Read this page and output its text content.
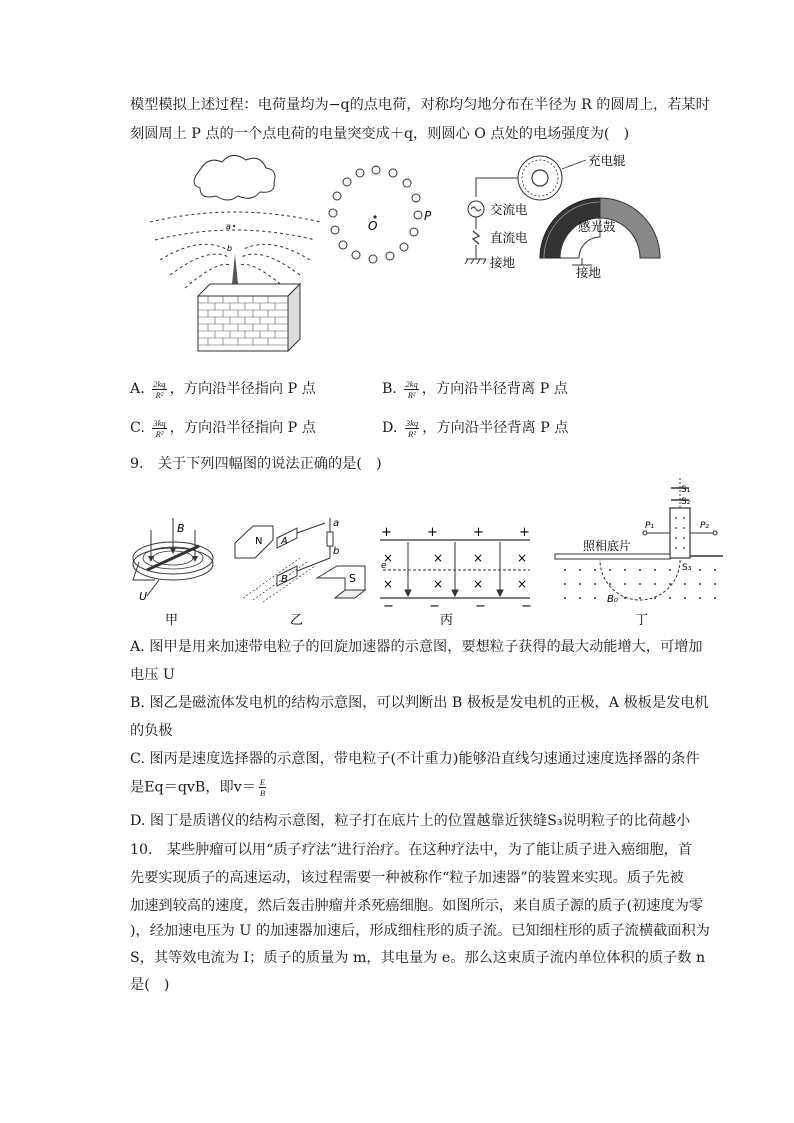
模型模拟上述过程：电荷量均为−q的点电荷，对称均匀地分布在半径为 R 的圆周上，若某时
刻圆周上 P 点的一个点电荷的电量突变成＋q，则圆心 O 点处的电场强度为(　)
a
b
O
P
充电辊
感光鼓
交流电
直流电
接地
接地
A. $\frac{2kq}{\text{R²}}$ ，方向沿半径指向 P 点	B. $\frac{2kq}{\text{R²}}$ ，方向沿半径背离 P 点
C. $\frac{3kq}{\text{R²}}$ ，方向沿半径指向 P 点	D. $\frac{3kq}{\text{R²}}$ ，方向沿半径背离 P 点
9.　关于下列四幅图的说法正确的是(　)
B
U
甲
N A
B
a
b
S
乙
+	+	+	+
×	× ×	×
×	× ×	×
e
−	−	−	−
丙
S₁
S₂
P₁	P₂
照相底片
S₃
B₀
丁
A. 图甲是用来加速带电粒子的回旋加速器的示意图，要想粒子获得的最大动能增大，可增加
电压 U
B. 图乙是磁流体发电机的结构示意图，可以判断出 B 极板是发电机的正极，A 极板是发电机
的负极
C. 图丙是速度选择器的示意图，带电粒子(不计重力)能够沿直线匀速通过速度选择器的条件
是Eq＝qvB，即$v= \frac{E}{B}$
D. 图丁是质谱仪的结构示意图，粒子打在底片上的位置越靠近狭缝S₃说明粒子的比荷越小
10.　某些肿瘤可以用“质子疗法”进行治疗。在这种疗法中，为了能让质子进入癌细胞，首
先要实现质子的高速运动，该过程需要一种被称作“粒子加速器”的装置来实现。质子先被
加速到较高的速度，然后轰击肿瘤并杀死癌细胞。如图所示，来自质子源的质子(初速度为零
)，经加速电压为 U 的加速器加速后，形成细柱形的质子流。已知细柱形的质子流横截面积为
S，其等效电流为 I；质子的质量为 m，其电量为 e。那么这束质子流内单位体积的质子数 n
是(　)
